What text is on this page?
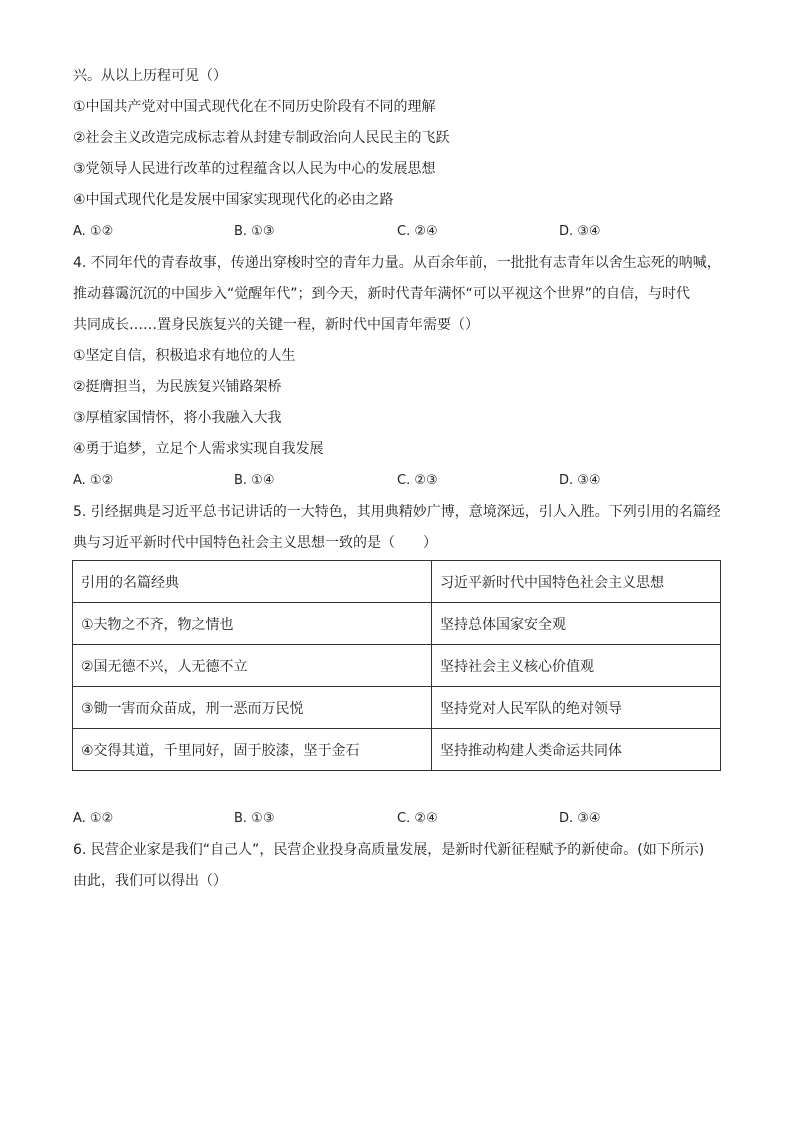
兴。从以上历程可见（）
①中国共产党对中国式现代化在不同历史阶段有不同的理解
②社会主义改造完成标志着从封建专制政治向人民民主的飞跃
③党领导人民进行改革的过程蕴含以人民为中心的发展思想
④中国式现代化是发展中国家实现现代化的必由之路
A. ①②	B. ①③	C. ②④	D. ③④
4. 不同年代的青春故事，传递出穿梭时空的青年力量。从百余年前，一批批有志青年以舍生忘死的呐喊，
推动暮霭沉沉的中国步入“觉醒年代”；到今天，新时代青年满怀“可以平视这个世界”的自信，与时代
共同成长……置身民族复兴的关键一程，新时代中国青年需要（）
①坚定自信，积极追求有地位的人生
②挺膺担当，为民族复兴铺路架桥
③厚植家国情怀，将小我融入大我
④勇于追梦，立足个人需求实现自我发展
A. ①②	B. ①④	C. ②③	D. ③④
5. 引经据典是习近平总书记讲话的一大特色，其用典精妙广博，意境深远，引人入胜。下列引用的名篇经
典与习近平新时代中国特色社会主义思想一致的是（　　）
引用的名篇经典	习近平新时代中国特色社会主义思想
①夫物之不齐，物之情也	坚持总体国家安全观
②国无德不兴，人无德不立	坚持社会主义核心价值观
③锄一害而众苗成，刑一恶而万民悦	坚持党对人民军队的绝对领导
④交得其道，千里同好，固于胶漆，坚于金石	坚持推动构建人类命运共同体
A. ①②	B. ①③	C. ②④	D. ③④
6. 民营企业家是我们“自己人”，民营企业投身高质量发展，是新时代新征程赋予的新使命。(如下所示)
由此，我们可以得出（）
